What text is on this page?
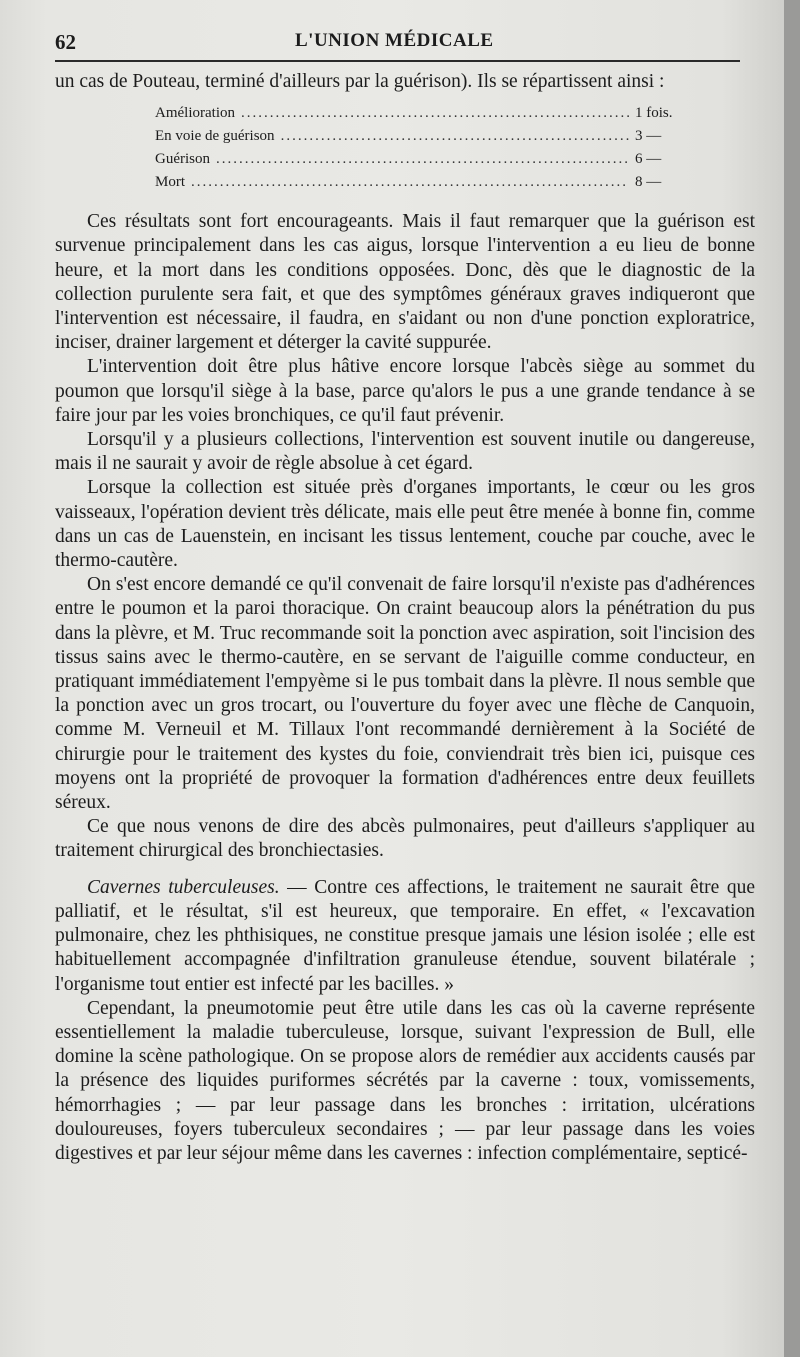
62	L'UNION MÉDICALE

un cas de Pouteau, terminé d'ailleurs par la guérison). Ils se répartissent ainsi :

Amélioration .....	1 fois.
En voie de guérison .....	3 —
Guérison .....	6 —
Mort .....	8 —

Ces résultats sont fort encourageants. Mais il faut remarquer que la guérison est survenue principalement dans les cas aigus, lorsque l'intervention a eu lieu de bonne heure, et la mort dans les conditions opposées. Donc, dès que le diagnostic de la collection purulente sera fait, et que des symptômes généraux graves indiqueront que l'intervention est nécessaire, il faudra, en s'aidant ou non d'une ponction exploratrice, inciser, drainer largement et déterger la cavité suppurée.

L'intervention doit être plus hâtive encore lorsque l'abcès siège au sommet du poumon que lorsqu'il siège à la base, parce qu'alors le pus a une grande tendance à se faire jour par les voies bronchiques, ce qu'il faut prévenir.

Lorsqu'il y a plusieurs collections, l'intervention est souvent inutile ou dangereuse, mais il ne saurait y avoir de règle absolue à cet égard.

Lorsque la collection est située près d'organes importants, le cœur ou les gros vaisseaux, l'opération devient très délicate, mais elle peut être menée à bonne fin, comme dans un cas de Lauenstein, en incisant les tissus lentement, couche par couche, avec le thermo-cautère.

On s'est encore demandé ce qu'il convenait de faire lorsqu'il n'existe pas d'adhérences entre le poumon et la paroi thoracique. On craint beaucoup alors la pénétration du pus dans la plèvre, et M. Truc recommande soit la ponction avec aspiration, soit l'incision des tissus sains avec le thermo-cautère, en se servant de l'aiguille comme conducteur, en pratiquant immédiatement l'empyème si le pus tombait dans la plèvre. Il nous semble que la ponction avec un gros trocart, ou l'ouverture du foyer avec une flèche de Canquoin, comme M. Verneuil et M. Tillaux l'ont recommandé dernièrement à la Société de chirurgie pour le traitement des kystes du foie, conviendrait très bien ici, puisque ces moyens ont la propriété de provoquer la formation d'adhérences entre deux feuillets séreux.

Ce que nous venons de dire des abcès pulmonaires, peut d'ailleurs s'appliquer au traitement chirurgical des bronchiectasies.

Cavernes tuberculeuses. — Contre ces affections, le traitement ne saurait être que palliatif, et le résultat, s'il est heureux, que temporaire. En effet, « l'excavation pulmonaire, chez les phthisiques, ne constitue presque jamais une lésion isolée ; elle est habituellement accompagnée d'infiltration granuleuse étendue, souvent bilatérale ; l'organisme tout entier est infecté par les bacilles. »

Cependant, la pneumotomie peut être utile dans les cas où la caverne représente essentiellement la maladie tuberculeuse, lorsque, suivant l'expression de Bull, elle domine la scène pathologique. On se propose alors de remédier aux accidents causés par la présence des liquides puriformes sécrétés par la caverne : toux, vomissements, hémorrhagies ; — par leur passage dans les bronches : irritation, ulcérations douloureuses, foyers tuberculeux secondaires ; — par leur passage dans les voies digestives et par leur séjour même dans les cavernes : infection complémentaire, septicé-
